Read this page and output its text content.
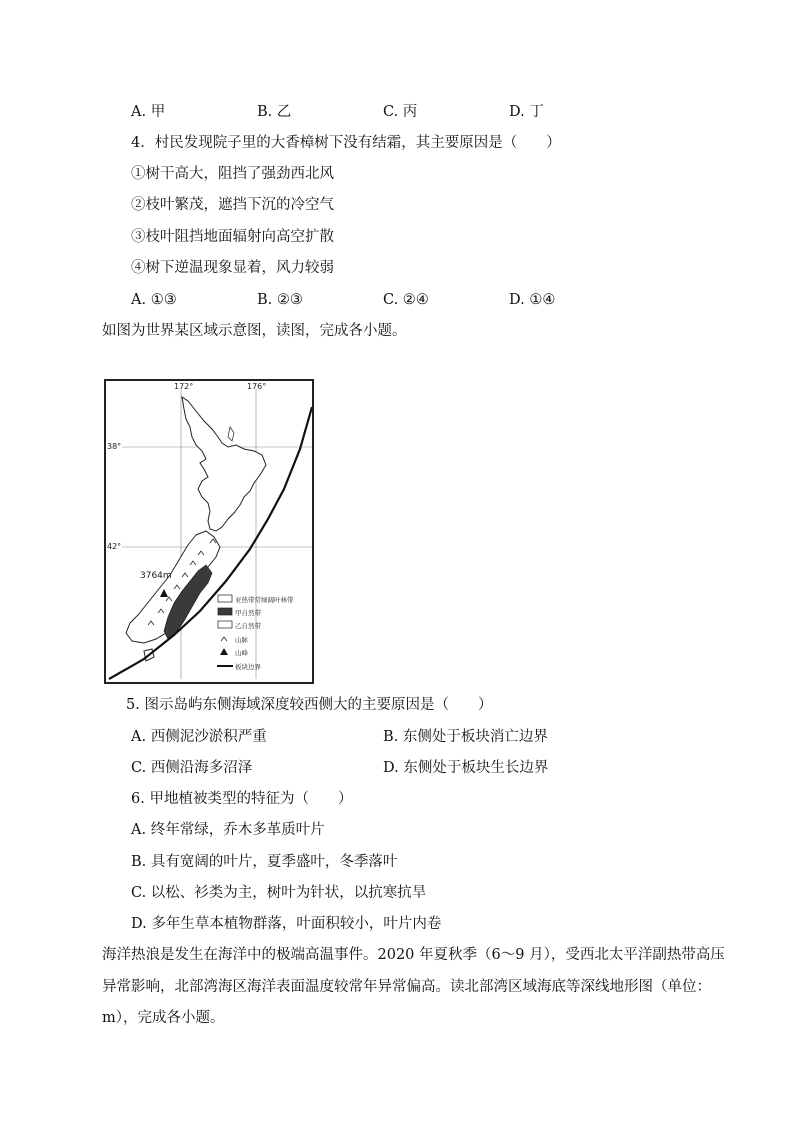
A. 甲	B. 乙	C. 丙	D. 丁
4．村民发现院子里的大香樟树下没有结霜，其主要原因是（　　）
①树干高大，阻挡了强劲西北风
②枝叶繁茂，遮挡下沉的冷空气
③枝叶阻挡地面辐射向高空扩散
④树下逆温现象显着，风力较弱
A. ①③	B. ②③	C. ②④	D. ①④
如图为世界某区域示意图，读图，完成各小题。
172°	176°
38°
42°
3764m
亚热带常绿阔叶林带
甲自然带
乙自然带
山脉
山峰
板块边界
5. 图示岛屿东侧海域深度较西侧大的主要原因是（　　）
A. 西侧泥沙淤积严重	B. 东侧处于板块消亡边界
C. 西侧沿海多沼泽	D. 东侧处于板块生长边界
6. 甲地植被类型的特征为（　　）
A. 终年常绿，乔木多革质叶片
B. 具有宽阔的叶片，夏季盛叶，冬季落叶
C. 以松、衫类为主，树叶为针状，以抗寒抗旱
D. 多年生草本植物群落，叶面积较小，叶片内卷
海洋热浪是发生在海洋中的极端高温事件。2020 年夏秋季（6～9 月），受西北太平洋副热带高压
异常影响，北部湾海区海洋表面温度较常年异常偏高。读北部湾区域海底等深线地形图（单位：
m），完成各小题。
